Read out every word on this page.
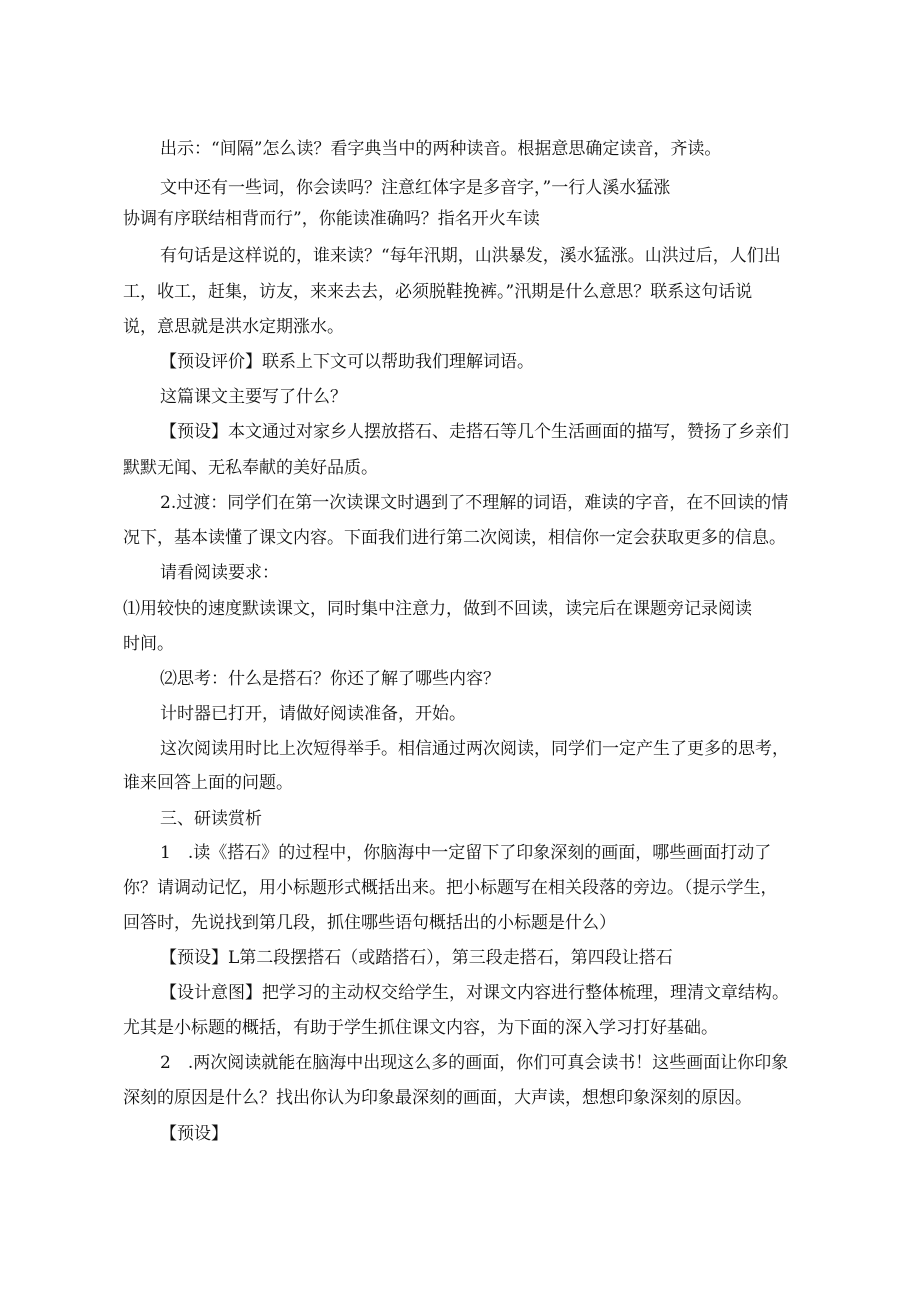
出示：“间隔”怎么读？看字典当中的两种读音。根据意思确定读音，齐读。
文中还有一些词，你会读吗？注意红体字是多音字，”一行人溪水猛涨
协调有序联结相背而行”，你能读准确吗？指名开火车读
有句话是这样说的，谁来读？“每年汛期，山洪暴发，溪水猛涨。山洪过后，人们出
工，收工，赶集，访友，来来去去，必须脱鞋挽裤。”汛期是什么意思？联系这句话说
说，意思就是洪水定期涨水。
【预设评价】联系上下文可以帮助我们理解词语。
这篇课文主要写了什么？
【预设】本文通过对家乡人摆放搭石、走搭石等几个生活画面的描写，赞扬了乡亲们
默默无闻、无私奉献的美好品质。
2.过渡：同学们在第一次读课文时遇到了不理解的词语，难读的字音，在不回读的情
况下，基本读懂了课文内容。下面我们进行第二次阅读，相信你一定会获取更多的信息。
请看阅读要求：
⑴用较快的速度默读课文，同时集中注意力，做到不回读，读完后在课题旁记录阅读
时间。
⑵思考：什么是搭石？你还了解了哪些内容？
计时器已打开，请做好阅读准备，开始。
这次阅读用时比上次短得举手。相信通过两次阅读，同学们一定产生了更多的思考，
谁来回答上面的问题。
三、研读赏析
1　.读《搭石》的过程中，你脑海中一定留下了印象深刻的画面，哪些画面打动了
你？请调动记忆，用小标题形式概括出来。把小标题写在相关段落的旁边。（提示学生，
回答时，先说找到第几段，抓住哪些语句概括出的小标题是什么）
【预设】L第二段摆搭石（或踏搭石），第三段走搭石，第四段让搭石
【设计意图】把学习的主动权交给学生，对课文内容进行整体梳理，理清文章结构。
尤其是小标题的概括，有助于学生抓住课文内容，为下面的深入学习打好基础。
2　.两次阅读就能在脑海中出现这么多的画面，你们可真会读书！这些画面让你印象
深刻的原因是什么？找出你认为印象最深刻的画面，大声读，想想印象深刻的原因。
【预设】
